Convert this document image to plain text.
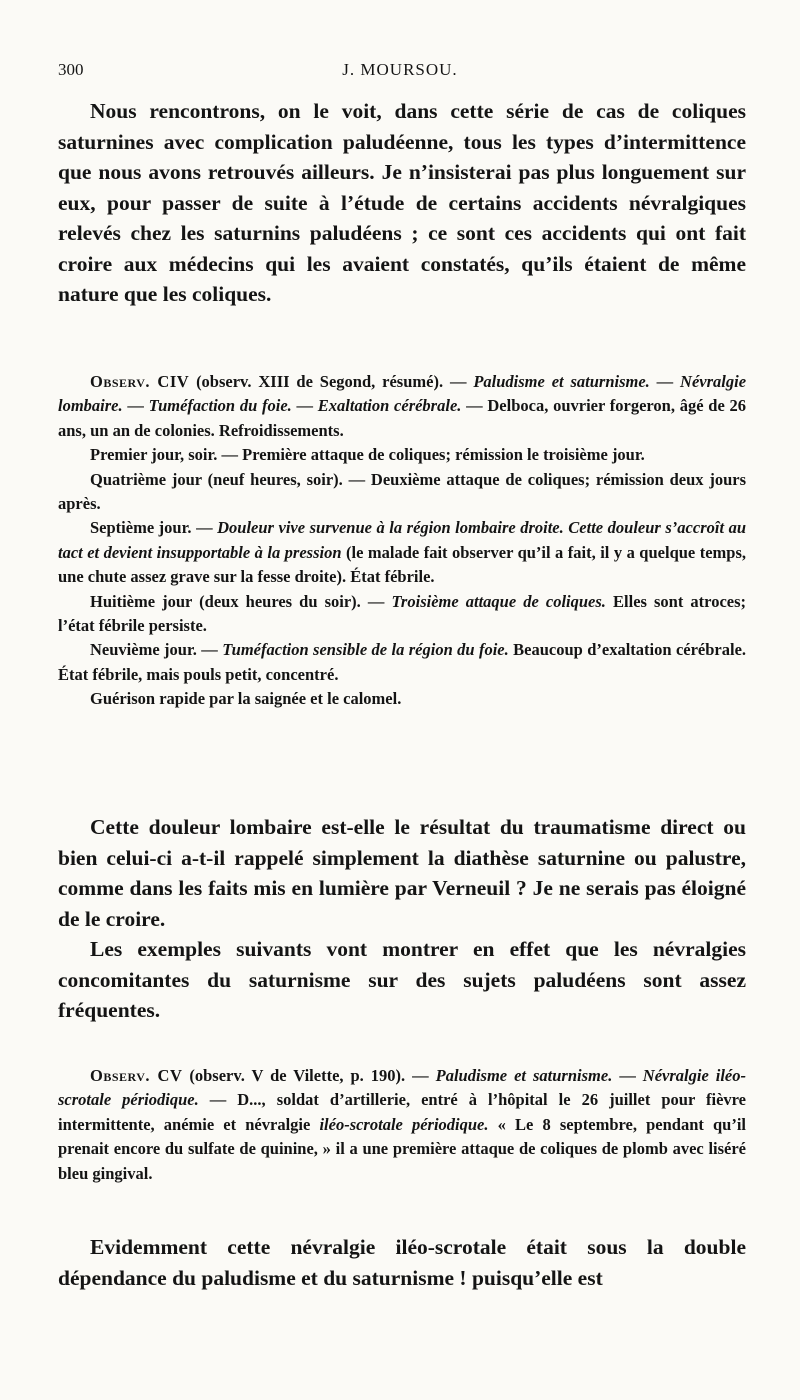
300	J. MOURSOU.

Nous rencontrons, on le voit, dans cette série de cas de coliques saturnines avec complication paludéenne, tous les types d’intermittence que nous avons retrouvés ailleurs. Je n’insisterai pas plus longuement sur eux, pour passer de suite à l’étude de certains accidents névralgiques relevés chez les saturnins paludéens ; ce sont ces accidents qui ont fait croire aux médecins qui les avaient constatés, qu’ils étaient de même nature que les coliques.

Observ. CIV (observ. XIII de Segond, résumé). — Paludisme et saturnisme. — Névralgie lombaire. — Tuméfaction du foie. — Exaltation cérébrale. — Delboca, ouvrier forgeron, âgé de 26 ans, un an de colonies. Refroidissements.

Premier jour, soir. — Première attaque de coliques; rémission le troisième jour.

Quatrième jour (neuf heures, soir). — Deuxième attaque de coliques; rémission deux jours après.

Septième jour. — Douleur vive survenue à la région lombaire droite. Cette douleur s’accroît au tact et devient insupportable à la pression (le malade fait observer qu’il a fait, il y a quelque temps, une chute assez grave sur la fesse droite). État fébrile.

Huitième jour (deux heures du soir). — Troisième attaque de coliques. Elles sont atroces; l’état fébrile persiste.

Neuvième jour. — Tuméfaction sensible de la région du foie. Beaucoup d’exaltation cérébrale. État fébrile, mais pouls petit, concentré.

Guérison rapide par la saignée et le calomel.

Cette douleur lombaire est-elle le résultat du traumatisme direct ou bien celui-ci a-t-il rappelé simplement la diathèse saturnine ou palustre, comme dans les faits mis en lumière par Verneuil ? Je ne serais pas éloigné de le croire.

Les exemples suivants vont montrer en effet que les névralgies concomitantes du saturnisme sur des sujets paludéens sont assez fréquentes.

Observ. CV (observ. V de Vilette, p. 190). — Paludisme et saturnisme. — Névralgie iléo-scrotale périodique. — D..., soldat d’artillerie, entré à l’hôpital le 26 juillet pour fièvre intermittente, anémie et névralgie iléo-scrotale périodique. « Le 8 septembre, pendant qu’il prenait encore du sulfate de quinine, » il a une première attaque de coliques de plomb avec liséré bleu gingival.

Evidemment cette névralgie iléo-scrotale était sous la double dépendance du paludisme et du saturnisme ! puisqu’elle est
